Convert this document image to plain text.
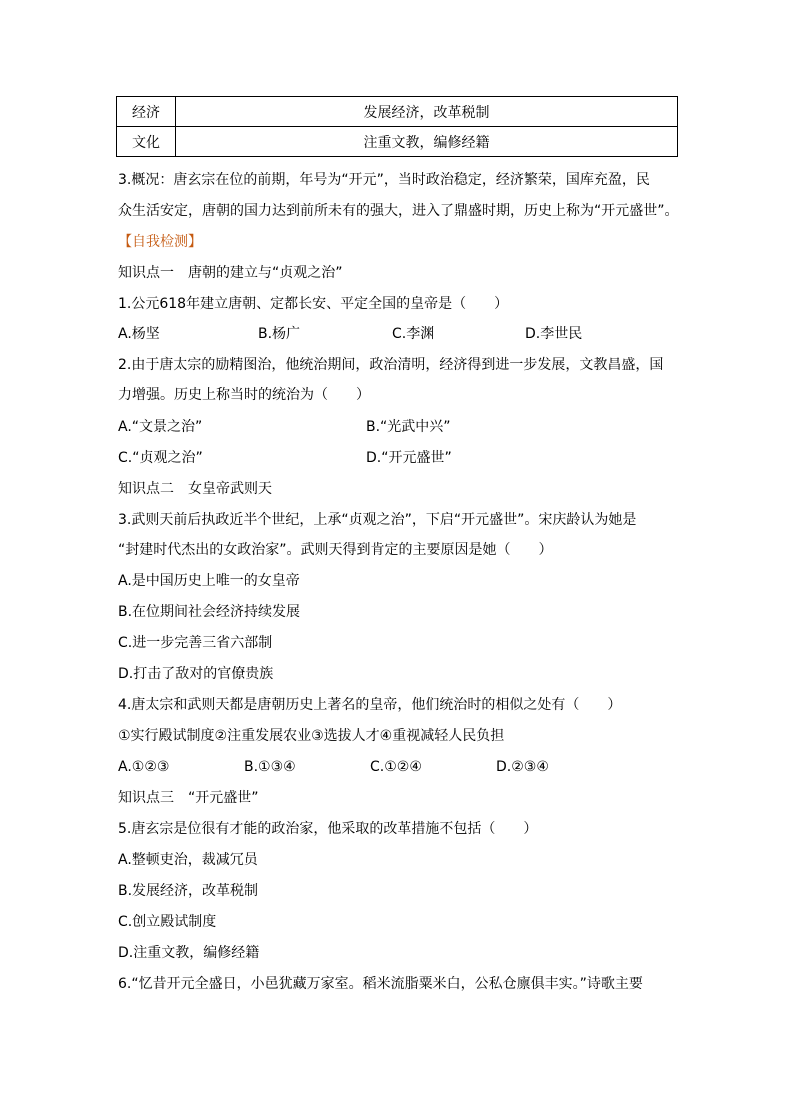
经济	发展经济，改革税制
文化	注重文教，编修经籍
3.概况：唐玄宗在位的前期，年号为“开元”，当时政治稳定，经济繁荣，国库充盈，民
众生活安定，唐朝的国力达到前所未有的强大，进入了鼎盛时期，历史上称为“开元盛世”。
【自我检测】
知识点一　唐朝的建立与“贞观之治”
1.公元618年建立唐朝、定都长安、平定全国的皇帝是（　　）
A.杨坚	B.杨广	C.李渊	D.李世民
2.由于唐太宗的励精图治，他统治期间，政治清明，经济得到进一步发展，文教昌盛，国
力增强。历史上称当时的统治为（　　）
A.“文景之治”	B.“光武中兴”
C.“贞观之治”	D.“开元盛世”
知识点二　女皇帝武则天
3.武则天前后执政近半个世纪，上承“贞观之治”，下启“开元盛世”。宋庆龄认为她是
“封建时代杰出的女政治家”。武则天得到肯定的主要原因是她（　　）
A.是中国历史上唯一的女皇帝
B.在位期间社会经济持续发展
C.进一步完善三省六部制
D.打击了敌对的官僚贵族
4.唐太宗和武则天都是唐朝历史上著名的皇帝，他们统治时的相似之处有（　　）
①实行殿试制度②注重发展农业③选拔人才④重视减轻人民负担
A.①②③	B.①③④	C.①②④	D.②③④
知识点三　“开元盛世”
5.唐玄宗是位很有才能的政治家，他采取的改革措施不包括（　　）
A.整顿吏治，裁减冗员
B.发展经济，改革税制
C.创立殿试制度
D.注重文教，编修经籍
6.“忆昔开元全盛日，小邑犹藏万家室。稻米流脂粟米白，公私仓廪俱丰实。”诗歌主要
